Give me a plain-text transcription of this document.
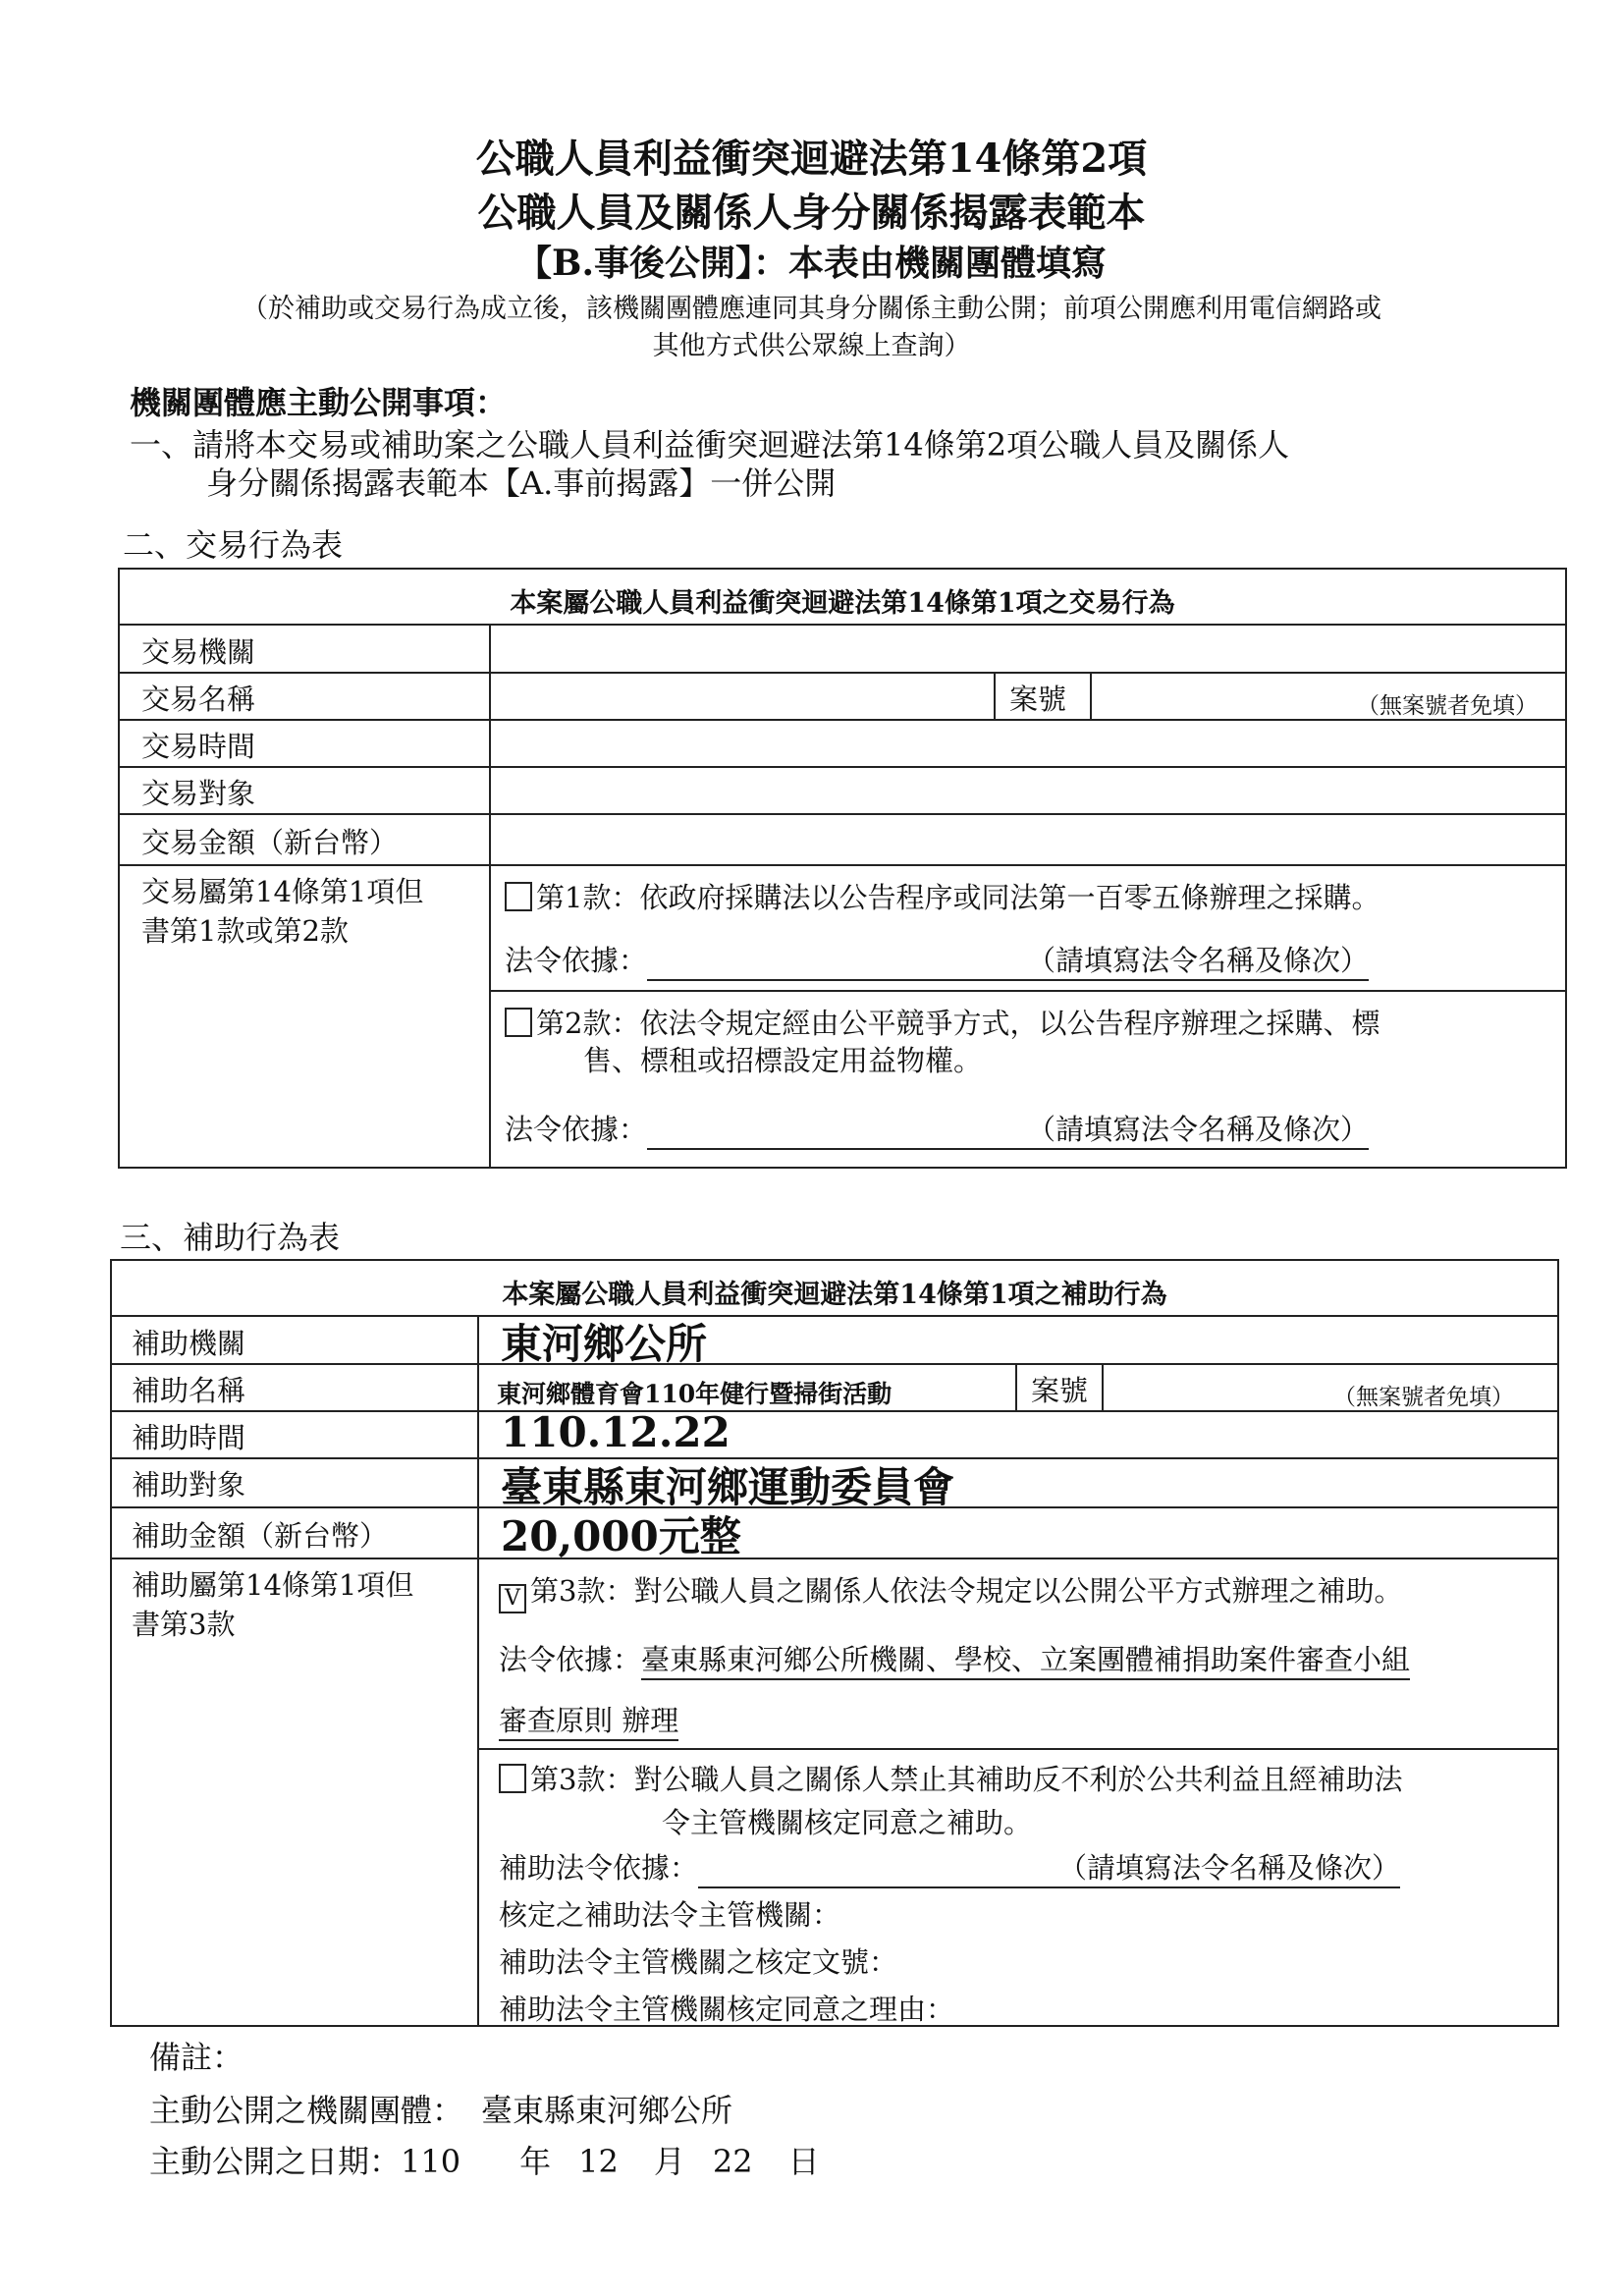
公職人員利益衝突迴避法第14條第2項
公職人員及關係人身分關係揭露表範本
【B.事後公開】：本表由機關團體填寫
（於補助或交易行為成立後，該機關團體應連同其身分關係主動公開；前項公開應利用電信網路或
其他方式供公眾線上查詢）
機關團體應主動公開事項：
一、請將本交易或補助案之公職人員利益衝突迴避法第14條第2項公職人員及關係人
身分關係揭露表範本【A.事前揭露】一併公開
二、交易行為表
本案屬公職人員利益衝突迴避法第14條第1項之交易行為
交易機關
交易名稱	案號	（無案號者免填）
交易時間
交易對象
交易金額（新台幣）
交易屬第14條第1項但
書第1款或第2款
第1款：依政府採購法以公告程序或同法第一百零五條辦理之採購。
法令依據：	（請填寫法令名稱及條次）
第2款：依法令規定經由公平競爭方式，以公告程序辦理之採購、標
售、標租或招標設定用益物權。
法令依據：	（請填寫法令名稱及條次）
三、補助行為表
本案屬公職人員利益衝突迴避法第14條第1項之補助行為
補助機關	東河鄉公所
補助名稱	東河鄉體育會110年健行暨掃街活動	案號	（無案號者免填）
補助時間	110.12.22
補助對象	臺東縣東河鄉運動委員會
補助金額（新台幣）	20,000元整
補助屬第14條第1項但
書第3款
V 第3款：對公職人員之關係人依法令規定以公開公平方式辦理之補助。
法令依據：臺東縣東河鄉公所機關、學校、立案團體補捐助案件審查小組
審查原則 辦理
第3款：對公職人員之關係人禁止其補助反不利於公共利益且經補助法
令主管機關核定同意之補助。
補助法令依據：	（請填寫法令名稱及條次）
核定之補助法令主管機關：
補助法令主管機關之核定文號：
補助法令主管機關核定同意之理由：
備註：
主動公開之機關團體： 臺東縣東河鄉公所
主動公開之日期：110 年 12 月 22 日
